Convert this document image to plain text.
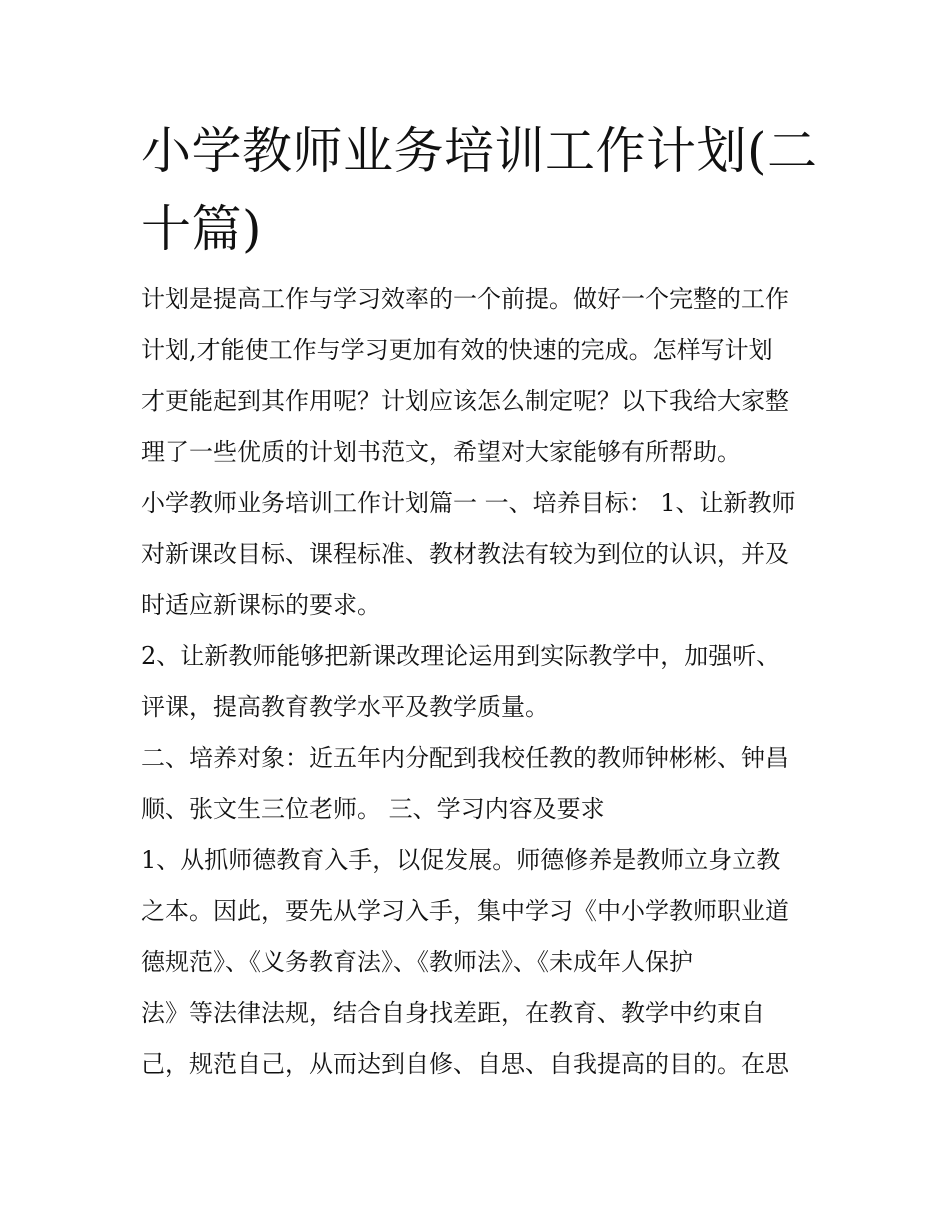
小学教师业务培训工作计划(二
十篇)
计划是提高工作与学习效率的一个前提。做好一个完整的工作
计划,才能使工作与学习更加有效的快速的完成。怎样写计划
才更能起到其作用呢？计划应该怎么制定呢？以下我给大家整
理了一些优质的计划书范文，希望对大家能够有所帮助。
小学教师业务培训工作计划篇一 一、培养目标： 1、让新教师
对新课改目标、课程标准、教材教法有较为到位的认识，并及
时适应新课标的要求。
2、让新教师能够把新课改理论运用到实际教学中，加强听、
评课，提高教育教学水平及教学质量。
二、培养对象：近五年内分配到我校任教的教师钟彬彬、钟昌
顺、张文生三位老师。 三、学习内容及要求
1、从抓师德教育入手，以促发展。师德修养是教师立身立教
之本。因此，要先从学习入手，集中学习《中小学教师职业道
德规范》、《义务教育法》、《教师法》、《未成年人保护
法》等法律法规，结合自身找差距，在教育、教学中约束自
己，规范自己，从而达到自修、自思、自我提高的目的。在思
